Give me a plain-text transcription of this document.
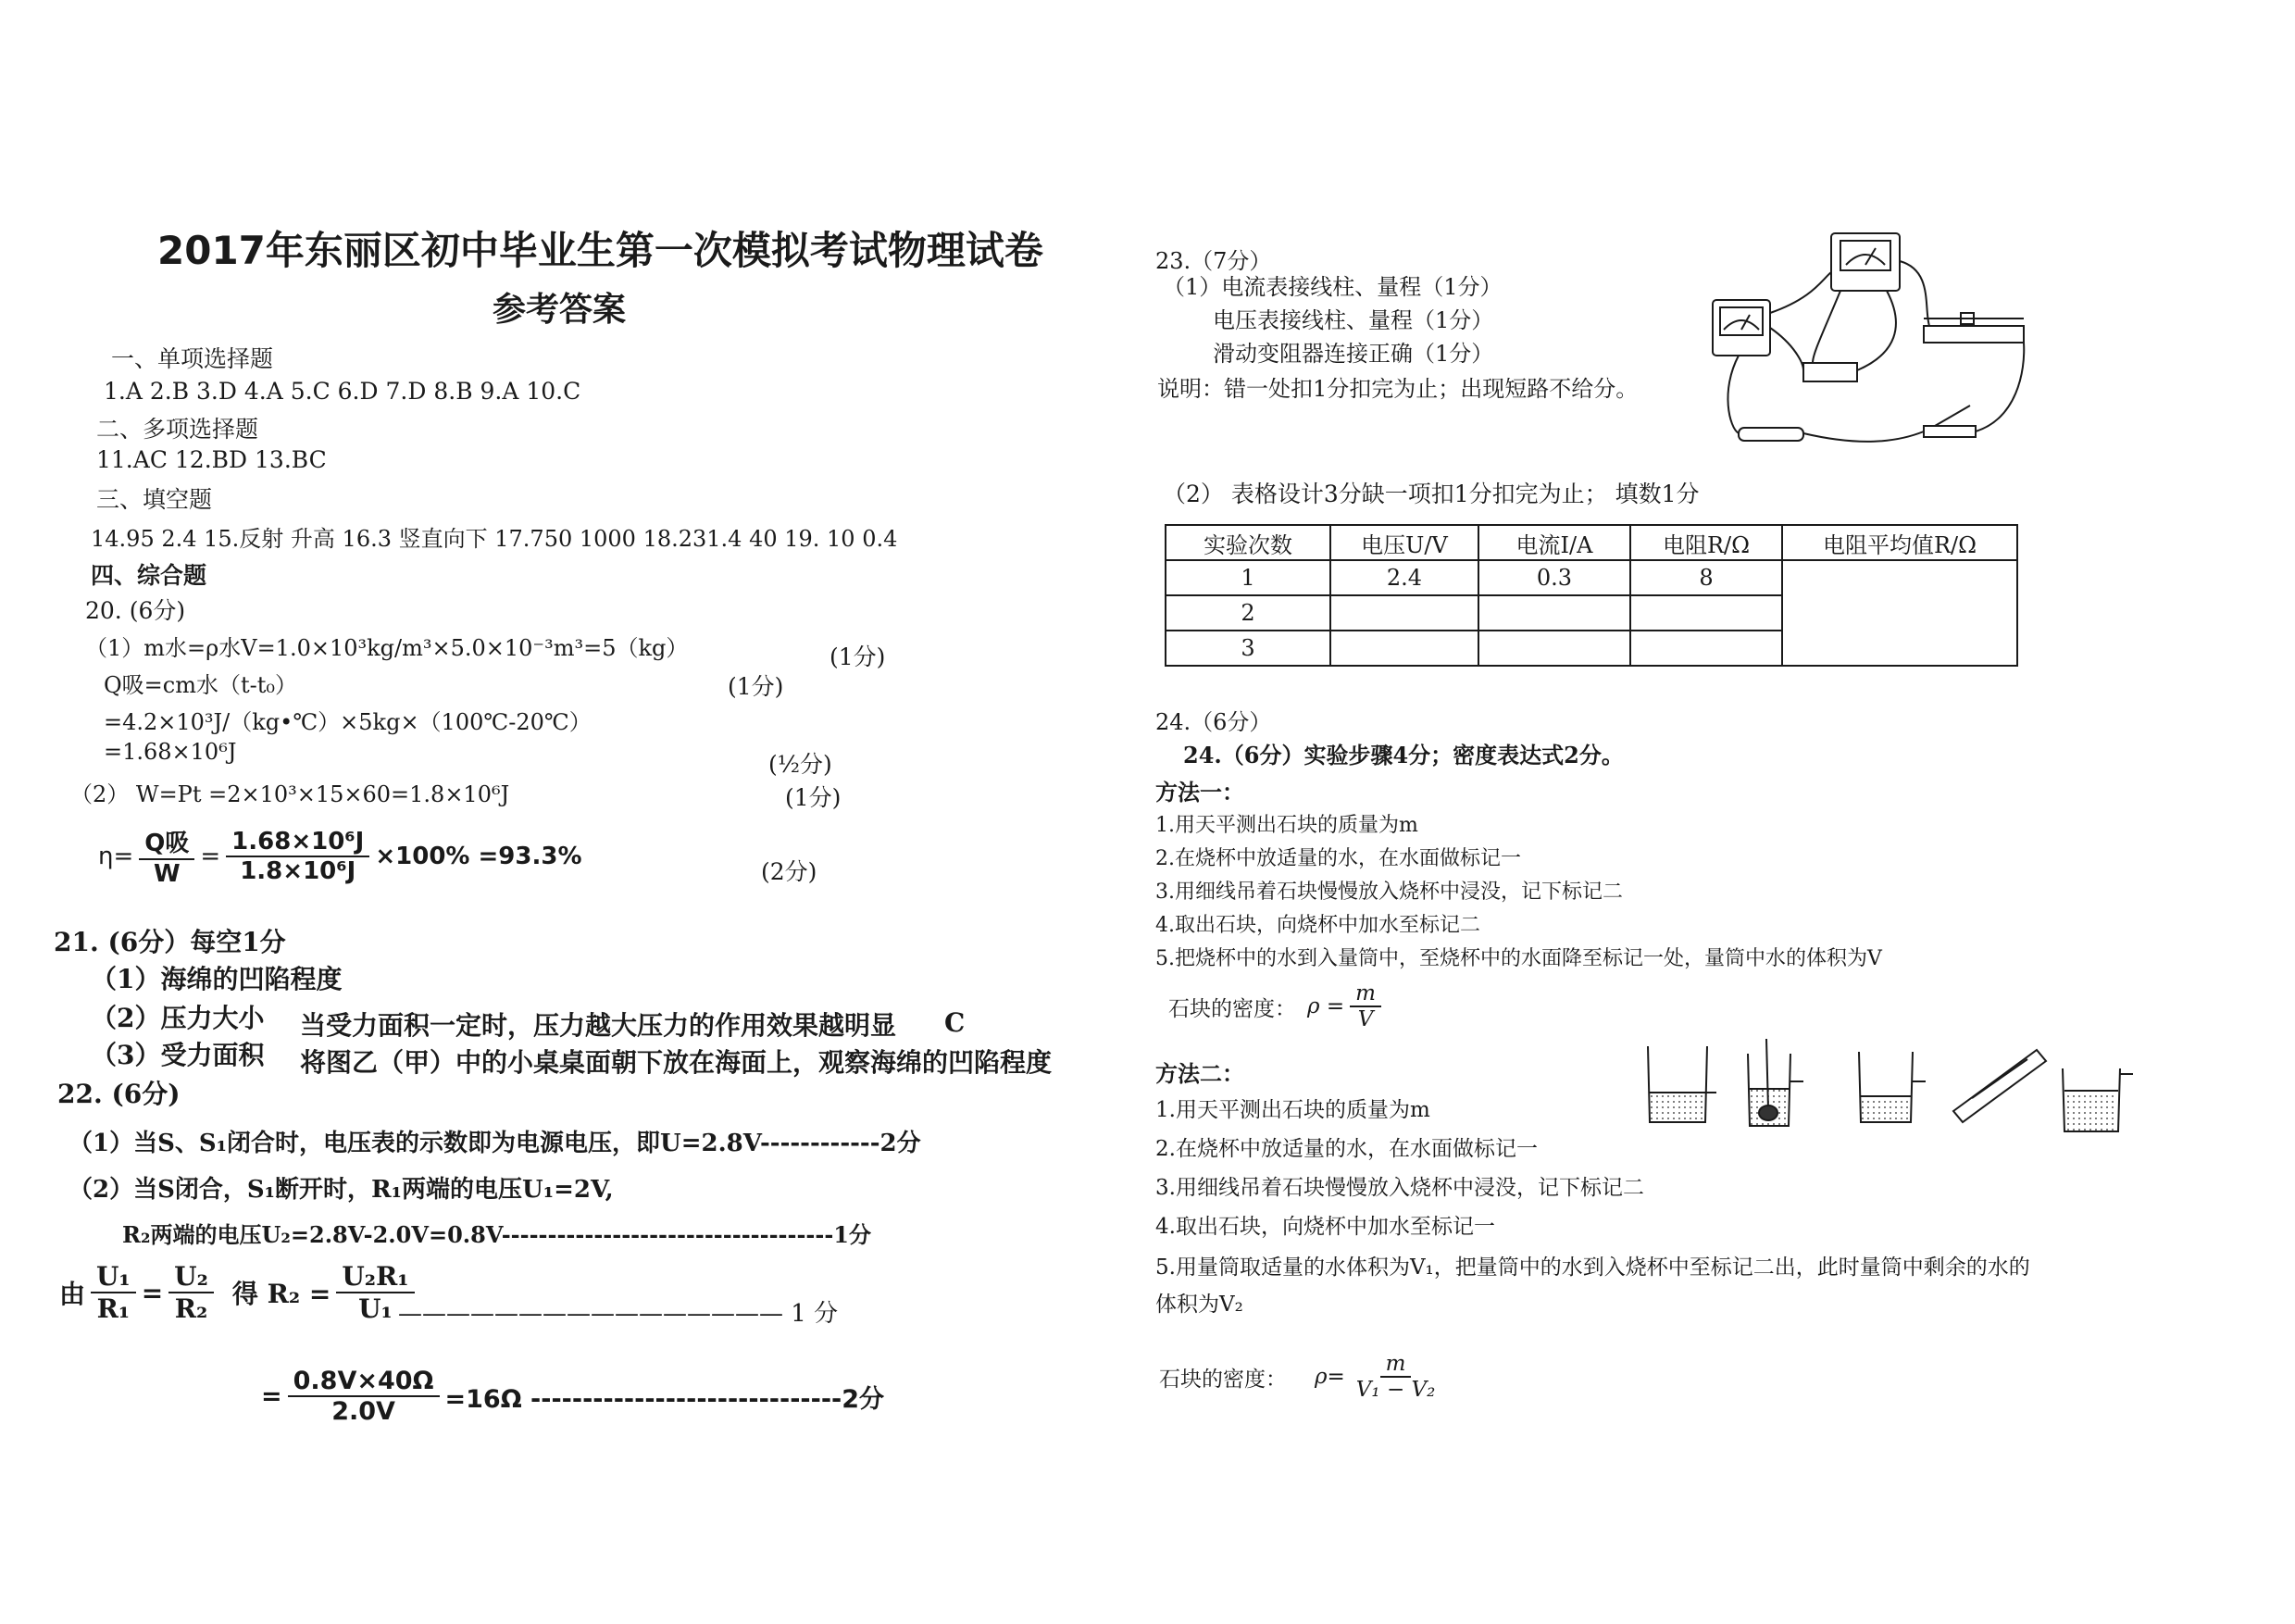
2017年东丽区初中毕业生第一次模拟考试物理试卷
参考答案
一、单项选择题
1.A 2.B 3.D 4.A 5.C 6.D 7.D 8.B 9.A 10.C
二、多项选择题
11.AC 12.BD 13.BC
三、填空题
14.95 2.4 15.反射 升高 16.3 竖直向下 17.750 1000 18.231.4 40 19. 10 0.4
四、综合题
20. (6分)
（1）m水=ρ水V=1.0×10³kg/m³×5.0×10⁻³m³=5（kg）	(1分)
Q吸=cm水（t-t₀）	(1分)
=4.2×10³J/（kg•℃）×5kg×（100℃-20℃）
=1.68×10⁶J	(½分)
（2） W=Pt =2×10³×15×60=1.8×10⁶J	(1分)
$\eta= \frac{\text{Q吸}}{W} = \frac{\text{1.68×10⁶J}}{\text{1.8×10⁶J}} \times 100\% =93.3\%$
(2分)
21. (6分）每空1分
（1）海绵的凹陷程度
（2）压力大小 当受力面积一定时，压力越大压力的作用效果越明显 C
（3）受力面积 将图乙（甲）中的小桌桌面朝下放在海面上，观察海绵的凹陷程度
22. (6分)
（1）当S、S₁闭合时，电压表的示数即为电源电压，即U=2.8V------------2分
（2）当S闭合，S₁断开时，R₁两端的电压U₁=2V,
R₂两端的电压U₂=2.8V-2.0V=0.8V------------------------------------1分
由 $\frac{\text{U₁}}{\text{R₁}} = \frac{\text{U₂}}{\text{R₂}}$ 得 $R_2 = \frac{\text{U₂R₁}}{\text{U₁}}$
———————————————— 1 分
= $\frac{0.8V\times 40\Omega}{2.0V} =16\Omega$ ------------------------------2分
23.（7分）
（1）电流表接线柱、量程（1分）
电压表接线柱、量程（1分）
滑动变阻器连接正确（1分）
说明：错一处扣1分扣完为止；出现短路不给分。
（2） 表格设计3分缺一项扣1分扣完为止； 填数1分
实验次数	电压U/V	电流I/A	电阻R/Ω	电阻平均值R/Ω
1	2.4	0.3	8	
2				
3				
24.（6分）
24.（6分）实验步骤4分；密度表达式2分。
方法一：
1.用天平测出石块的质量为m
2.在烧杯中放适量的水，在水面做标记一
3.用细线吊着石块慢慢放入烧杯中浸没，记下标记二
4.取出石块，向烧杯中加水至标记二
5.把烧杯中的水到入量筒中，至烧杯中的水面降至标记一处，量筒中水的体积为V
石块的密度： $\rho = \frac{m}{V}$
方法二：
1.用天平测出石块的质量为m
2.在烧杯中放适量的水，在水面做标记一
3.用细线吊着石块慢慢放入烧杯中浸没，记下标记二
4.取出石块，向烧杯中加水至标记一
5.用量筒取适量的水体积为V₁，把量筒中的水到入烧杯中至标记二出，此时量筒中剩余的水的
体积为V₂
石块的密度： $\rho= \frac{m}{\text{V₁ − V₂}}$
